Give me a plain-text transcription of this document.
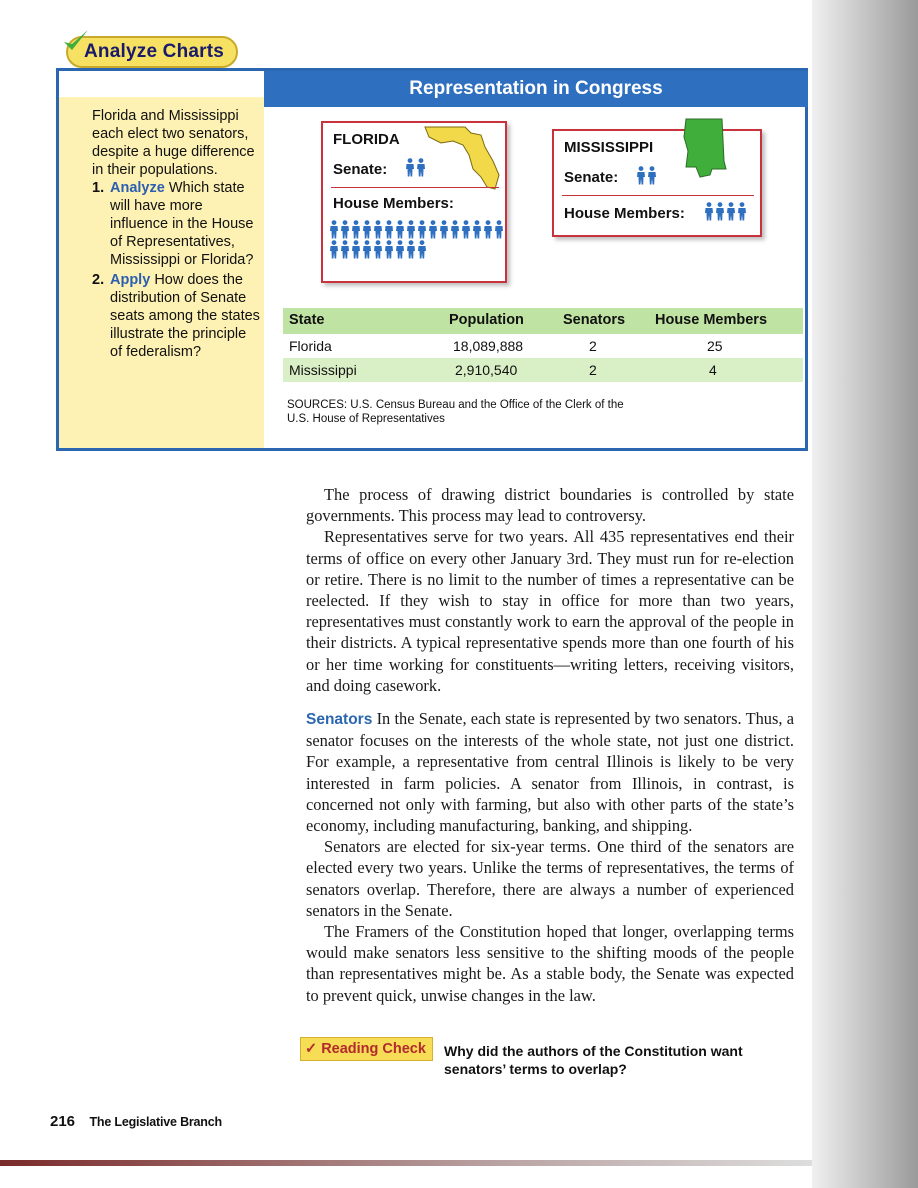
Analyze Charts
Representation in Congress
Florida and Mississippi each elect two senators, despite a huge difference in their populations.
1. Analyze Which state will have more influence in the House of Representatives, Mississippi or Florida?
2. Apply How does the distribution of Senate seats among the states illustrate the principle of federalism?
FLORIDA
Senate:
House Members:
MISSISSIPPI
Senate:
House Members:
State	Population	Senators House Members
Florida	18,089,888	2	25
Mississippi	2,910,540	2	4
SOURCES: U.S. Census Bureau and the Office of the Clerk of the
U.S. House of Representatives

The process of drawing district boundaries is controlled by state governments. This process may lead to controversy.

Representatives serve for two years. All 435 representatives end their terms of office on every other January 3rd. They must run for re-election or retire. There is no limit to the number of times a representative can be reelected. If they wish to stay in office for more than two years, representatives must constantly work to earn the approval of the people in their districts. A typical representative spends more than one fourth of his or her time working for constituents—writing letters, receiving visitors, and doing casework.

Senators In the Senate, each state is represented by two senators. Thus, a senator focuses on the interests of the whole state, not just one district. For example, a representative from central Illinois is likely to be very interested in farm policies. A senator from Illinois, in contrast, is concerned not only with farming, but also with other parts of the state’s economy, including manufacturing, banking, and shipping.

Senators are elected for six-year terms. One third of the senators are elected every two years. Unlike the terms of representatives, the terms of senators overlap. Therefore, there are always a number of experienced senators in the Senate.

The Framers of the Constitution hoped that longer, overlapping terms would make senators less sensitive to the shifting moods of the people than representatives might be. As a stable body, the Senate was expected to prevent quick, unwise changes in the law.

✓ Reading Check	Why did the authors of the Constitution want senators’ terms to overlap?
216 The Legislative Branch
